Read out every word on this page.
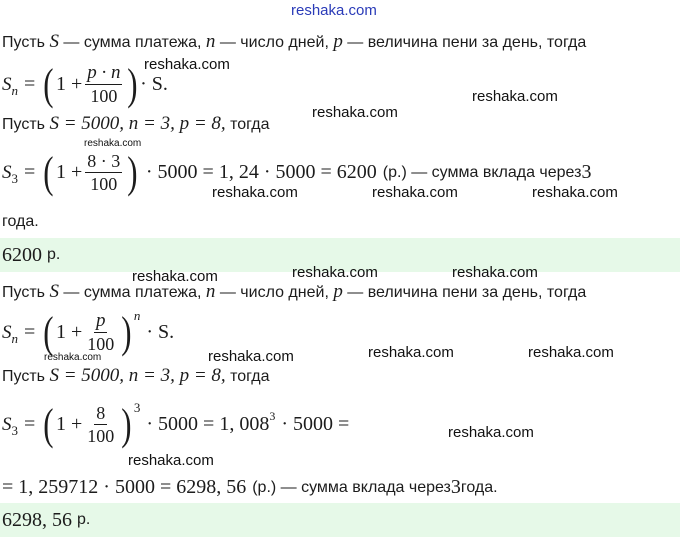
reshaka.com
Пусть S — сумма платежа, n — число дней, p — величина пени за день, тогда
S n = ( $1 + \frac{p \cdot n}{100}$ ) · S.
Пусть S = 5000, n = 3, p = 8, тогда
S 3 = ( $1 + \frac{8 \cdot 3}{100}$ ) · 5000 = 1, 24 · 5000 = 6200 (р.) — сумма вклада через 3
года.
6200 р.
Пусть S — сумма платежа, n — число дней, p — величина пени за день, тогда
S n = ( $1 + \frac{p}{100}$ ) n
· S.
Пусть S = 5000, n = 3, p = 8, тогда
S 3 = ( $1 + \frac{8}{100}$ ) 3
· 5000 = 1, 008 3 · 5000 =
= 1, 259712 · 5000 = 6298, 56 (р.) — сумма вклада через 3 года.
6298, 56 р.
reshaka.com
reshaka.com
reshaka.com
reshaka.com
reshaka.com	reshaka.com	reshaka.com
reshaka.com	reshaka.com	reshaka.com
reshaka.com	reshaka.com	reshaka.com	reshaka.com
reshaka.com
reshaka.com
